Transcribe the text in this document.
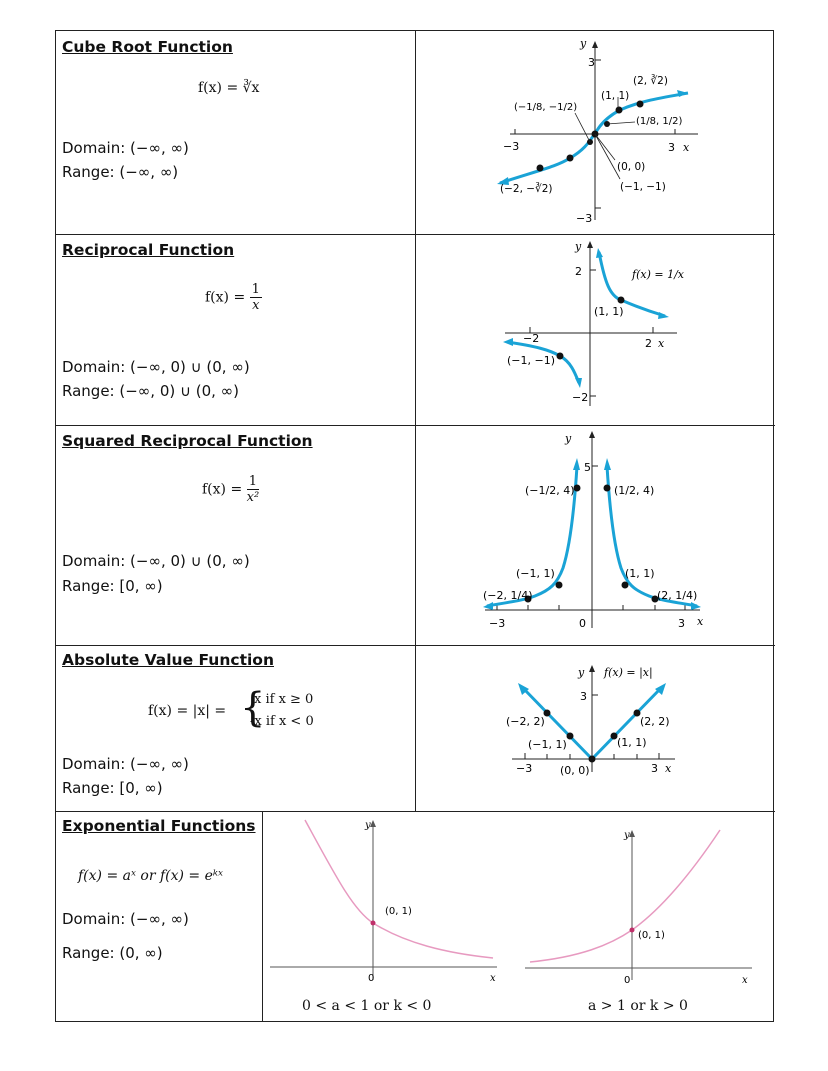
Cube Root Function
f(x) = ∛x
Domain: (−∞, ∞)
Range: (−∞, ∞)
y
3
−3	3
−3
x
(1, 1)
(2, ∛2)
(1/8, 1/2)
(−1/8, −1/2)
(0, 0)
(−1, −1)
(−2, −∛2)
Reciprocal Function
$f(x) = \frac{1}{x}$
Domain: (−∞, 0) ∪ (0, ∞)
Range: (−∞, 0) ∪ (0, ∞)
y
2
−2	2
−2
x
f(x) = 1/x
(1, 1)
(−1, −1)
Squared Reciprocal Function
$f(x) = \frac{1}{\text{x²}}$
Domain: (−∞, 0) ∪ (0, ∞)
Range: [0, ∞)
y
5
−3	0	3 x
(−1/2, 4)	(1/2, 4)
(−1, 1)	(1, 1)
(−2, 1/4)	(2, 1/4)
Absolute Value Function
f(x) = |x| = {
x if x ≥ 0
-x if x < 0
Domain: (−∞, ∞)
Range: [0, ∞)
y
3
−3	3 x
f(x) = |x|
(−2, 2)	(2, 2)
(−1, 1)	(1, 1)
(0, 0)
Exponential Functions
f(x) = aˣ or f(x) = eᵏˣ
Domain: (−∞, ∞)
Range: (0, ∞)
y
x
0
(0, 1)
0 < a < 1 or k < 0
y
x
(0, 1)
0
a > 1 or k > 0
